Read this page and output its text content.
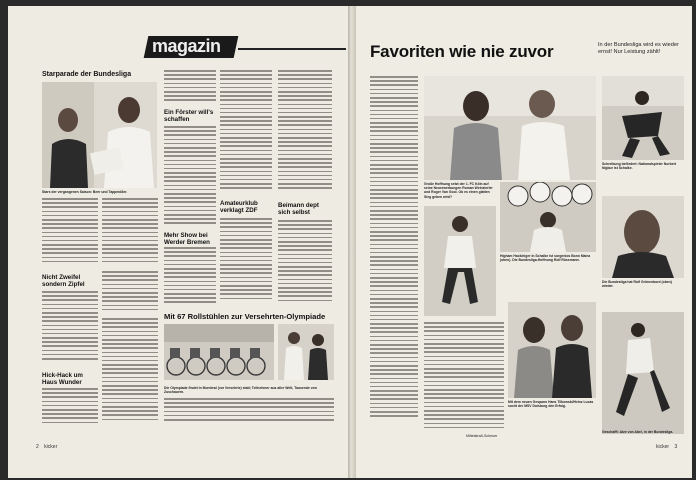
magazin
Starparade der Bundesliga
Stars der vergangenen Saison: Beer und Tappmöller.
Nicht Zweifel sondern Zipfel
Hick-Hack um Haus Wunder
Ein Förster will's schaffen
Mehr Show bei Werder Bremen
Amateurklub verklagt ZDF
Beimann dept sich selbst
Mit 67 Rollstühlen zur Versehrten-Olympiade
Die Olympiade findet in Montreal (vor Versehrte) statt; Teilnehmer aus aller Welt, Tausende von Zuschauern.
2 kicker
Favoriten wie nie zuvor	In der Bundesliga wird es wieder ernst! Nur Leistung zählt!
Große Hoffnung setzt der 1. FC Köln auf seine Neuerwerbungen Roman Weinzierler und Roger Van Gool. Ob es einen glatten Sieg geben wird?
Higham Hackleiger in Schalke ist sorgenlos Bonn Mainz (oben). Die Bundesliga-Hoffnung Rolf Rüssmann.
Mittelstraß-Scheuer
Mit dem neuen Gespann Hans Tilkowski/Heinz Lucas sucht der MSV Duisburg den Erfolg.
Schreibung befördert: Nationalspieler Norbert Nigbur ist Schalke.
Die Bundesliga hat Rolf Grönenbord (oben) wieder.
Geschafft: Atze von Abel, in der Bundesliga.
kicker 3
